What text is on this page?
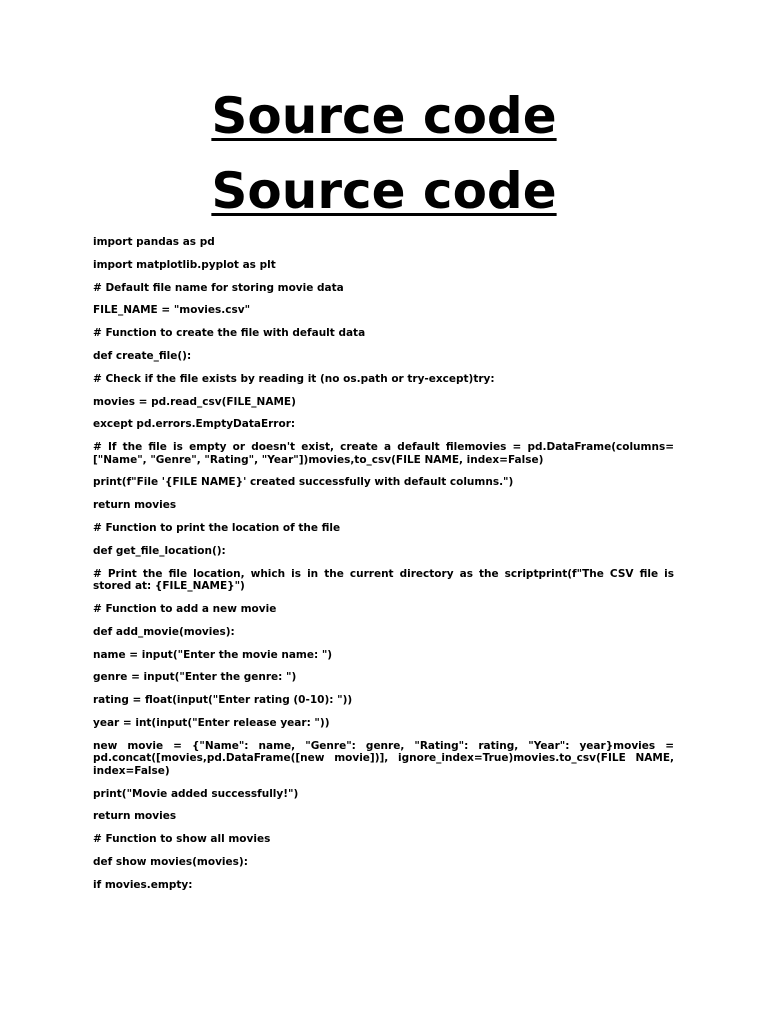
Source code
Source code

import pandas as pd

import matplotlib.pyplot as plt

# Default file name for storing movie data

FILE_NAME = "movies.csv"

# Function to create the file with default data

def create_file():

# Check if the file exists by reading it (no os.path or try-except)try:

movies = pd.read_csv(FILE_NAME)

except pd.errors.EmptyDataError:

# If the file is empty or doesn't exist, create a default filemovies = pd.DataFrame(columns=["Name", "Genre", "Rating", "Year"])movies,to_csv(FILE NAME, index=False)

print(f"File '{FILE NAME}' created successfully with default columns.")

return movies

# Function to print the location of the file

def get_file_location():

# Print the file location, which is in the current directory as the scriptprint(f"The CSV file is stored at: {FILE_NAME}")

# Function to add a new movie

def add_movie(movies):

name = input("Enter the movie name: ")

genre = input("Enter the genre: ")

rating = float(input("Enter rating (0-10): "))

year = int(input("Enter release year: "))

new movie = {"Name": name, "Genre": genre, "Rating": rating, "Year": year}movies = pd.concat([movies,pd.DataFrame([new movie])], ignore_index=True)movies.to_csv(FILE NAME, index=False)

print("Movie added successfully!")

return movies

# Function to show all movies

def show movies(movies):

if movies.empty:
